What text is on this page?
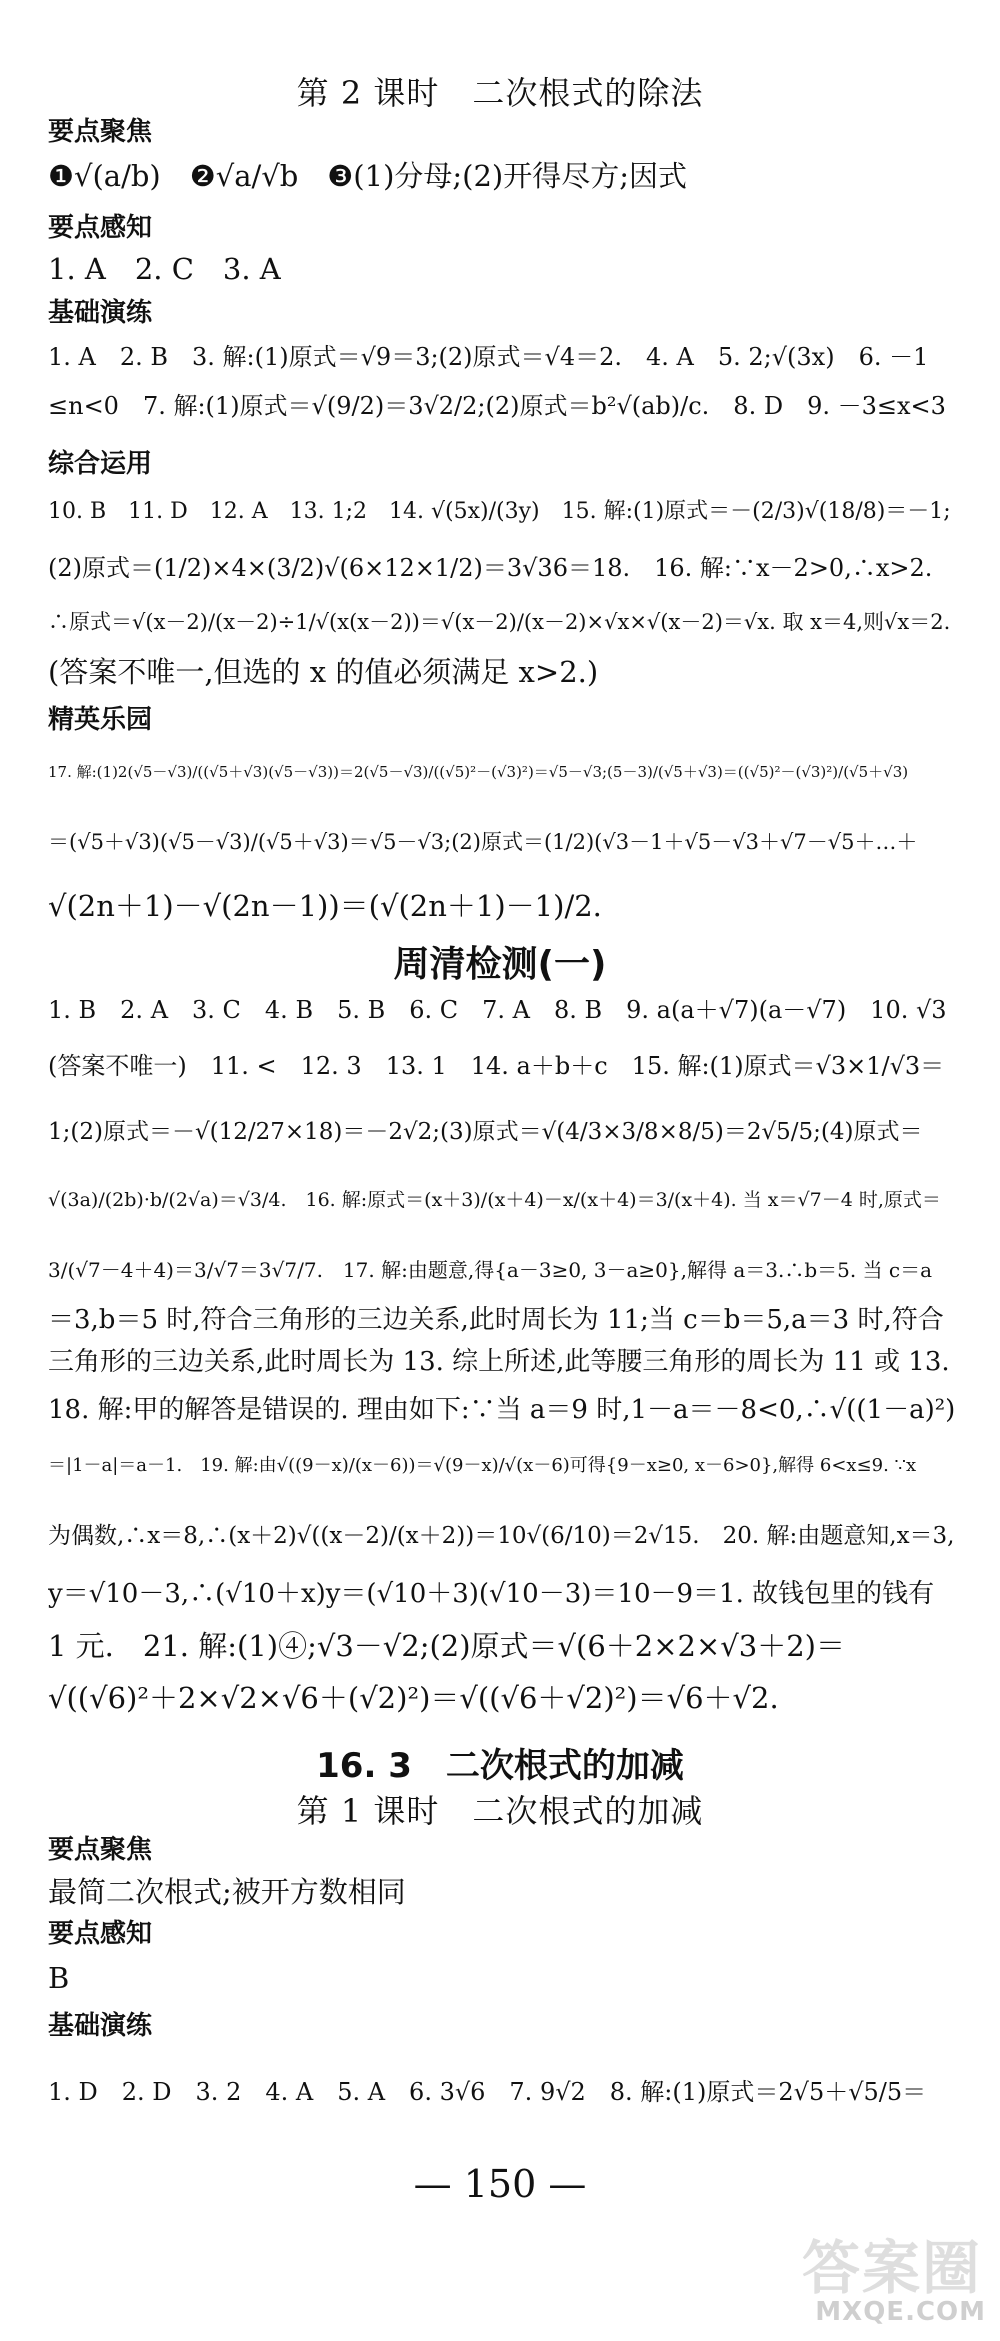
第 2 课时　二次根式的除法
要点聚焦
❶√(a/b)　❷√a/√b　❸(1)分母;(2)开得尽方;因式
要点感知
1. A　2. C　3. A
基础演练
1. A　2. B　3. 解:(1)原式＝√9＝3;(2)原式＝√4＝2.　4. A　5. 2;√(3x)　6. －1
≤n<0　7. 解:(1)原式＝√(9/2)＝3√2/2;(2)原式＝b²√(ab)/c.　8. D　9. －3≤x<3
综合运用
10. B　11. D　12. A　13. 1;2　14. √(5x)/(3y)　15. 解:(1)原式＝－(2/3)√(18/8)＝－1;
(2)原式＝(1/2)×4×(3/2)√(6×12×1/2)＝3√36＝18.　16. 解:∵x－2>0,∴x>2.
∴原式＝√(x－2)/(x－2)÷1/√(x(x－2))＝√(x－2)/(x－2)×√x×√(x－2)＝√x. 取 x＝4,则√x＝2.
(答案不唯一,但选的 x 的值必须满足 x>2.)
精英乐园
17. 解:(1)2(√5－√3)/((√5＋√3)(√5－√3))＝2(√5－√3)/((√5)²－(√3)²)＝√5－√3;(5－3)/(√5＋√3)＝((√5)²－(√3)²)/(√5＋√3)
＝(√5＋√3)(√5－√3)/(√5＋√3)＝√5－√3;(2)原式＝(1/2)(√3－1＋√5－√3＋√7－√5＋…＋
√(2n＋1)－√(2n－1))＝(√(2n＋1)－1)/2.
周清检测(一)
1. B　2. A　3. C　4. B　5. B　6. C　7. A　8. B　9. a(a＋√7)(a－√7)　10. √3
(答案不唯一)　11. <　12. 3　13. 1　14. a＋b＋c　15. 解:(1)原式＝√3×1/√3＝
1;(2)原式＝－√(12/27×18)＝－2√2;(3)原式＝√(4/3×3/8×8/5)＝2√5/5;(4)原式＝
√(3a)/(2b)·b/(2√a)＝√3/4.　16. 解:原式＝(x＋3)/(x＋4)－x/(x＋4)＝3/(x＋4). 当 x＝√7－4 时,原式＝
3/(√7－4＋4)＝3/√7＝3√7/7.　17. 解:由题意,得{a－3≥0, 3－a≥0},解得 a＝3.∴b＝5. 当 c＝a
＝3,b＝5 时,符合三角形的三边关系,此时周长为 11;当 c＝b＝5,a＝3 时,符合
三角形的三边关系,此时周长为 13. 综上所述,此等腰三角形的周长为 11 或 13.
18. 解:甲的解答是错误的. 理由如下:∵当 a＝9 时,1－a＝－8<0,∴√((1－a)²)
＝|1－a|＝a－1.　19. 解:由√((9－x)/(x－6))＝√(9－x)/√(x－6)可得{9－x≥0, x－6>0},解得 6<x≤9. ∵x
为偶数,∴x＝8,∴(x＋2)√((x－2)/(x＋2))＝10√(6/10)＝2√15.　20. 解:由题意知,x＝3,
y＝√10－3,∴(√10＋x)y＝(√10＋3)(√10－3)＝10－9＝1. 故钱包里的钱有
1 元.　21. 解:(1)④;√3－√2;(2)原式＝√(6＋2×2×√3＋2)＝
√((√6)²＋2×√2×√6＋(√2)²)＝√((√6＋√2)²)＝√6＋√2.
16. 3　二次根式的加减
第 1 课时　二次根式的加减
要点聚焦
最简二次根式;被开方数相同
要点感知
B
基础演练
1. D　2. D　3. 2　4. A　5. A　6. 3√6　7. 9√2　8. 解:(1)原式＝2√5＋√5/5＝
— 150 —
答案圈
MXQE.COM
